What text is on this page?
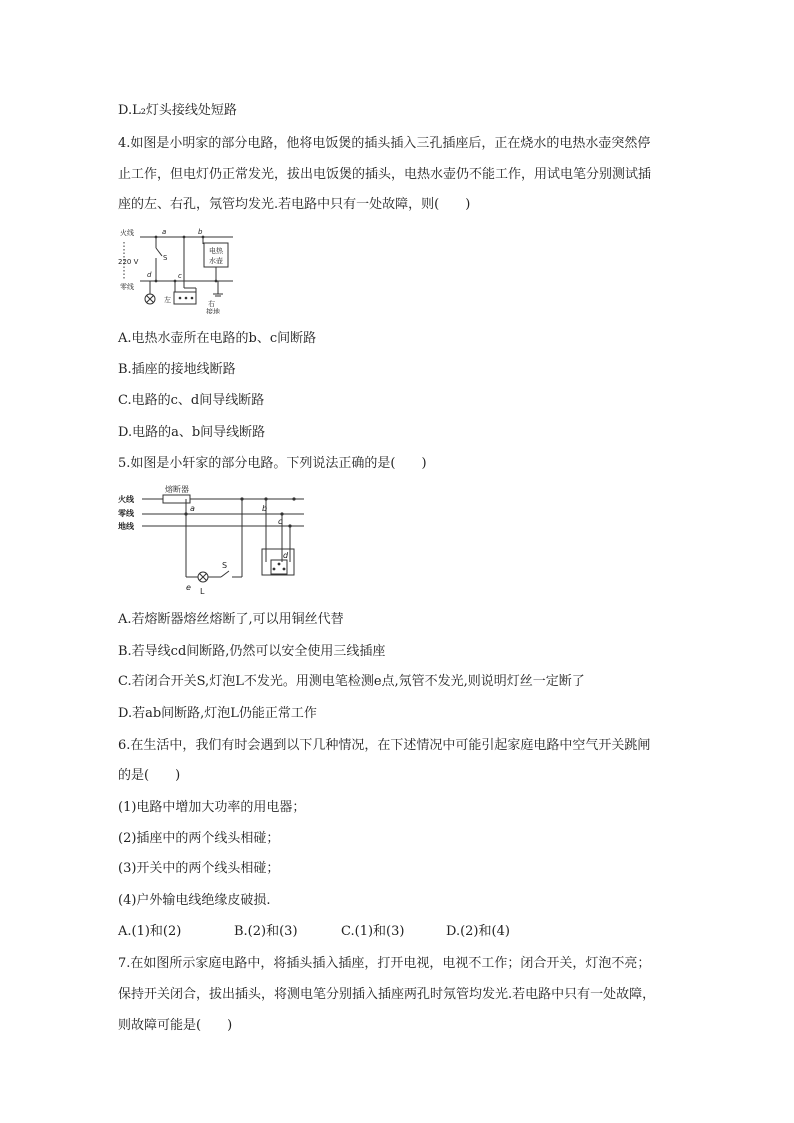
D.L₂灯头接线处短路
4.如图是小明家的部分电路，他将电饭煲的插头插入三孔插座后，正在烧水的电热水壶突然停
止工作，但电灯仍正常发光，拔出电饭煲的插头，电热水壶仍不能工作，用试电笔分别测试插
座的左、右孔，氖管均发光.若电路中只有一处故障，则(　　)
火线
220 V
零线
a	b
c
d
S
电热
水壶
左	右
接地
A.电热水壶所在电路的b、c间断路
B.插座的接地线断路
C.电路的c、d间导线断路
D.电路的a、b间导线断路
5.如图是小轩家的部分电路。下列说法正确的是(　　)
熔断器
火线
零线
地线
a	b
c
d
e
S
L
A.若熔断器熔丝熔断了,可以用铜丝代替
B.若导线cd间断路,仍然可以安全使用三线插座
C.若闭合开关S,灯泡L不发光。用测电笔检测e点,氖管不发光,则说明灯丝一定断了
D.若ab间断路,灯泡L仍能正常工作
6.在生活中，我们有时会遇到以下几种情况，在下述情况中可能引起家庭电路中空气开关跳闸
的是(　　)
(1)电路中增加大功率的用电器；
(2)插座中的两个线头相碰；
(3)开关中的两个线头相碰；
(4)户外输电线绝缘皮破损.
A.(1)和(2)	B.(2)和(3)	C.(1)和(3)	D.(2)和(4)
7.在如图所示家庭电路中，将插头插入插座，打开电视，电视不工作；闭合开关，灯泡不亮；
保持开关闭合，拔出插头，将测电笔分别插入插座两孔时氖管均发光.若电路中只有一处故障，
则故障可能是(　　)
